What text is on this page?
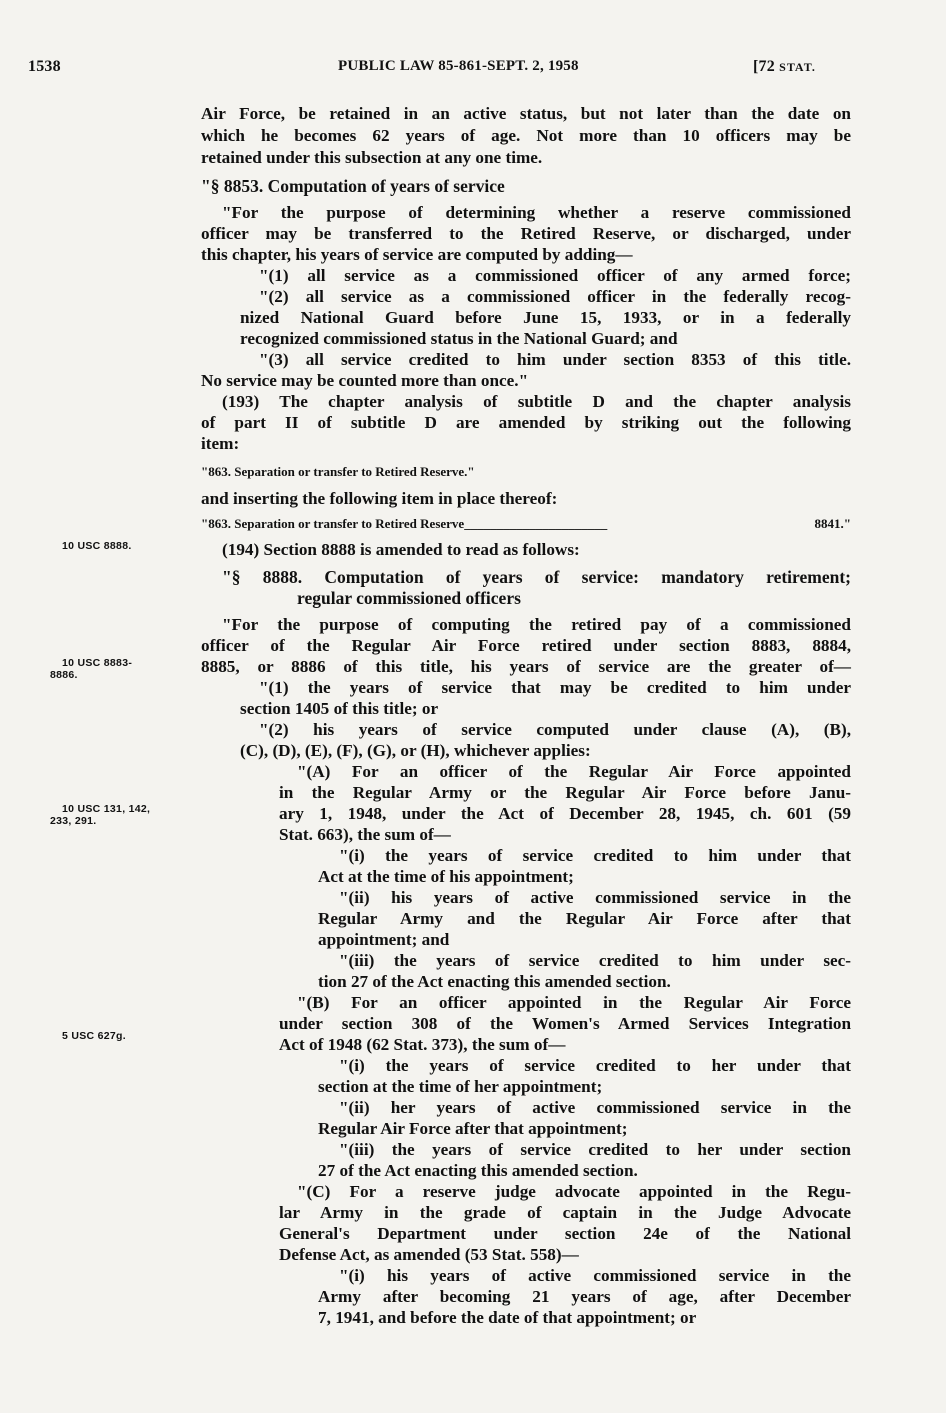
1538	PUBLIC LAW 85-861-SEPT. 2, 1958	[72 STAT.
10 USC 8888.
10 USC 8883-
8886.
10 USC 131, 142,
233, 291.
5 USC 627g.
Air Force, be retained in an active status, but not later than the date on
which he becomes 62 years of age. Not more than 10 officers may be
retained under this subsection at any one time.
"§ 8853. Computation of years of service
"For the purpose of determining whether a reserve commissioned
officer may be transferred to the Retired Reserve, or discharged, under
this chapter, his years of service are computed by adding—
"(1) all service as a commissioned officer of any armed force;
"(2) all service as a commissioned officer in the federally recog-
nized National Guard before June 15, 1933, or in a federally
recognized commissioned status in the National Guard; and
"(3) all service credited to him under section 8353 of this title.
No service may be counted more than once."
(193) The chapter analysis of subtitle D and the chapter analysis
of part II of subtitle D are amended by striking out the following
item:
"863. Separation or transfer to Retired Reserve."
and inserting the following item in place thereof:
"863. Separation or transfer to Retired Reserve______________________	8841."
(194) Section 8888 is amended to read as follows:
"§ 8888. Computation of years of service: mandatory retirement;
regular commissioned officers
"For the purpose of computing the retired pay of a commissioned
officer of the Regular Air Force retired under section 8883, 8884,
8885, or 8886 of this title, his years of service are the greater of—
"(1) the years of service that may be credited to him under
section 1405 of this title; or
"(2) his years of service computed under clause (A), (B),
(C), (D), (E), (F), (G), or (H), whichever applies:
"(A) For an officer of the Regular Air Force appointed
in the Regular Army or the Regular Air Force before Janu-
ary 1, 1948, under the Act of December 28, 1945, ch. 601 (59
Stat. 663), the sum of—
"(i) the years of service credited to him under that
Act at the time of his appointment;
"(ii) his years of active commissioned service in the
Regular Army and the Regular Air Force after that
appointment; and
"(iii) the years of service credited to him under sec-
tion 27 of the Act enacting this amended section.
"(B) For an officer appointed in the Regular Air Force
under section 308 of the Women's Armed Services Integration
Act of 1948 (62 Stat. 373), the sum of—
"(i) the years of service credited to her under that
section at the time of her appointment;
"(ii) her years of active commissioned service in the
Regular Air Force after that appointment;
"(iii) the years of service credited to her under section
27 of the Act enacting this amended section.
"(C) For a reserve judge advocate appointed in the Regu-
lar Army in the grade of captain in the Judge Advocate
General's Department under section 24e of the National
Defense Act, as amended (53 Stat. 558)—
"(i) his years of active commissioned service in the
Army after becoming 21 years of age, after December
7, 1941, and before the date of that appointment; or
